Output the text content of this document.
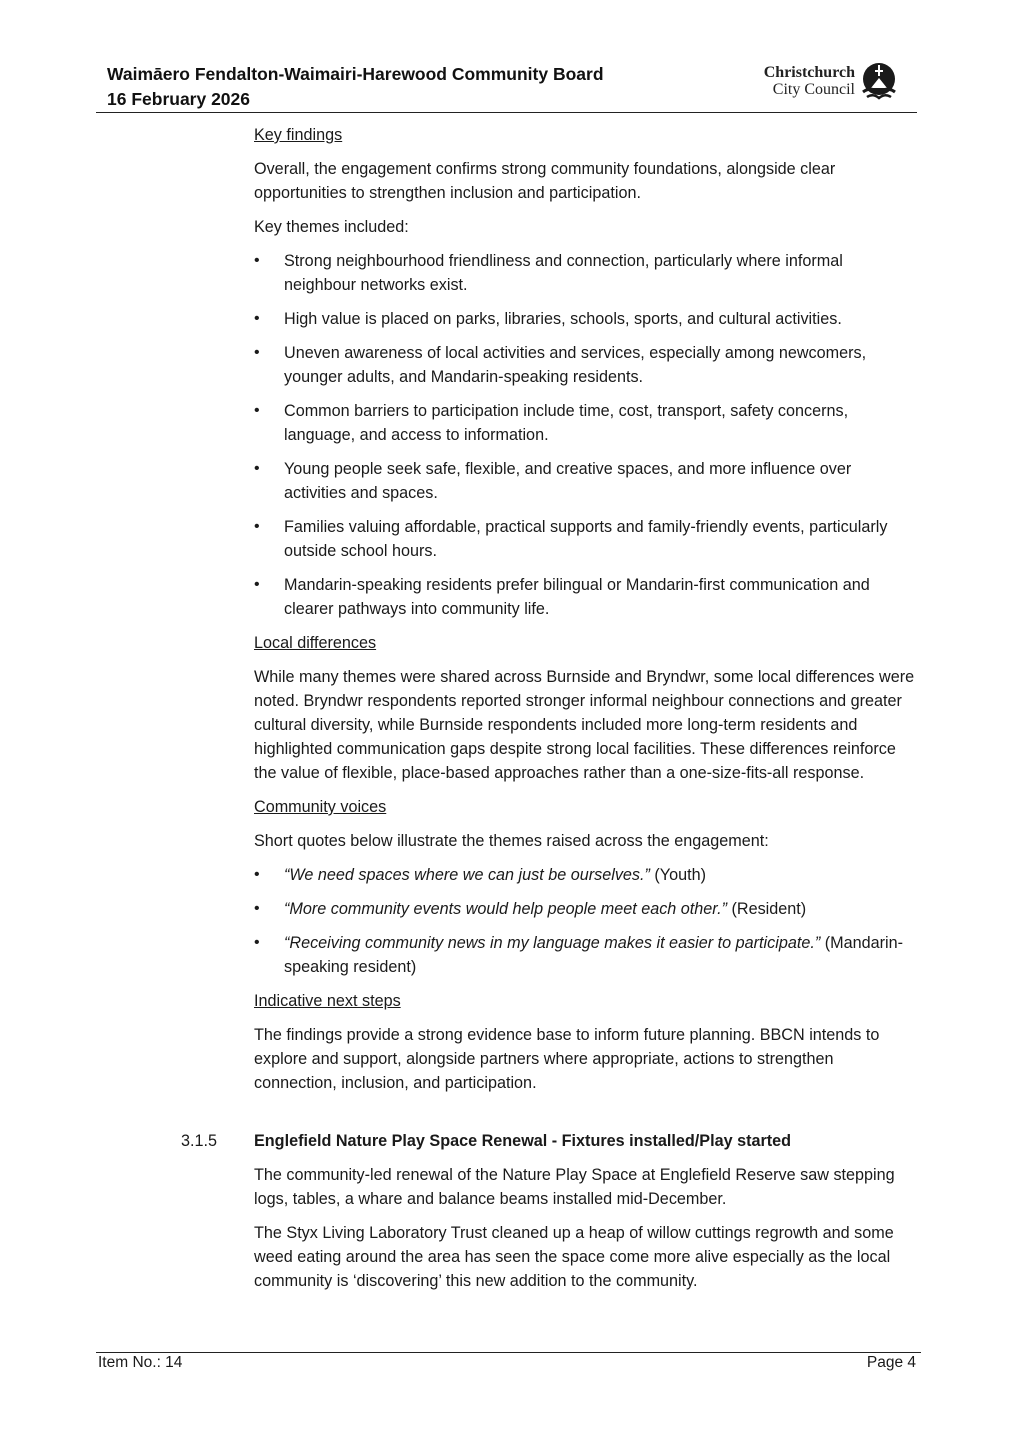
Waimāero Fendalton-Waimairi-Harewood Community Board
16 February 2026
Christchurch
City Council
Key findings

Overall, the engagement confirms strong community foundations, alongside clear opportunities to strengthen inclusion and participation.

Key themes included:

• Strong neighbourhood friendliness and connection, particularly where informal neighbour networks exist.
• High value is placed on parks, libraries, schools, sports, and cultural activities.
• Uneven awareness of local activities and services, especially among newcomers, younger adults, and Mandarin-speaking residents.
• Common barriers to participation include time, cost, transport, safety concerns, language, and access to information.
• Young people seek safe, flexible, and creative spaces, and more influence over activities and spaces.
• Families valuing affordable, practical supports and family-friendly events, particularly outside school hours.
• Mandarin-speaking residents prefer bilingual or Mandarin-first communication and clearer pathways into community life.
Local differences

While many themes were shared across Burnside and Bryndwr, some local differences were noted. Bryndwr respondents reported stronger informal neighbour connections and greater cultural diversity, while Burnside respondents included more long-term residents and highlighted communication gaps despite strong local facilities. These differences reinforce the value of flexible, place-based approaches rather than a one-size-fits-all response.

Community voices

Short quotes below illustrate the themes raised across the engagement:

• “We need spaces where we can just be ourselves.” (Youth)
• “More community events would help people meet each other.” (Resident)
• “Receiving community news in my language makes it easier to participate.” (Mandarin-speaking resident)
Indicative next steps

The findings provide a strong evidence base to inform future planning. BBCN intends to explore and support, alongside partners where appropriate, actions to strengthen connection, inclusion, and participation.

3.1.5 Englefield Nature Play Space Renewal - Fixtures installed/Play started

The community-led renewal of the Nature Play Space at Englefield Reserve saw stepping logs, tables, a whare and balance beams installed mid-December.

The Styx Living Laboratory Trust cleaned up a heap of willow cuttings regrowth and some weed eating around the area has seen the space come more alive especially as the local community is ‘discovering’ this new addition to the community.

Item No.: 14	Page 4
